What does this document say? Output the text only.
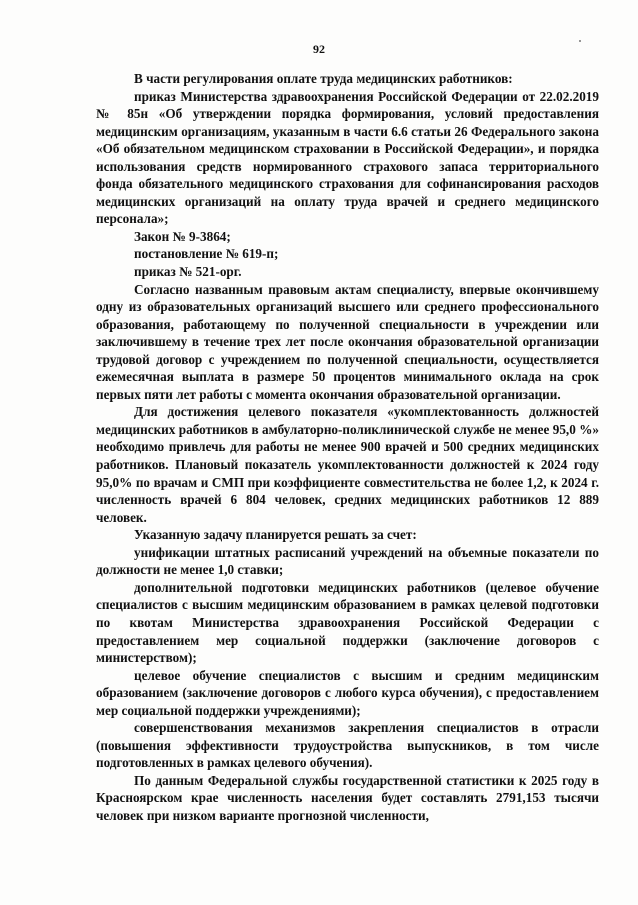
92

В части регулирования оплате труда медицинских работников:

приказ Министерства здравоохранения Российской Федерации от 22.02.2019 № 85н «Об утверждении порядка формирования, условий предоставления медицинским организациям, указанным в части 6.6 статьи 26 Федерального закона «Об обязательном медицинском страховании в Российской Федерации», и порядка использования средств нормированного страхового запаса территориального фонда обязательного медицинского страхования для софинансирования расходов медицинских организаций на оплату труда врачей и среднего медицинского персонала»;

Закон № 9-3864;

постановление № 619-п;

приказ № 521-орг.

Согласно названным правовым актам специалисту, впервые окончившему одну из образовательных организаций высшего или среднего профессионального образования, работающему по полученной специальности в учреждении или заключившему в течение трех лет после окончания образовательной организации трудовой договор с учреждением по полученной специальности, осуществляется ежемесячная выплата в размере 50 процентов минимального оклада на срок первых пяти лет работы с момента окончания образовательной организации.

Для достижения целевого показателя «укомплектованность должностей медицинских работников в амбулаторно-поликлинической службе не менее 95,0 %» необходимо привлечь для работы не менее 900 врачей и 500 средних медицинских работников. Плановый показатель укомплектованности должностей к 2024 году 95,0% по врачам и СМП при коэффициенте совместительства не более 1,2, к 2024 г. численность врачей 6 804 человек, средних медицинских работников 12 889 человек.

Указанную задачу планируется решать за счет:

унификации штатных расписаний учреждений на объемные показатели по должности не менее 1,0 ставки;

дополнительной подготовки медицинских работников (целевое обучение специалистов с высшим медицинским образованием в рамках целевой подготовки по квотам Министерства здравоохранения Российской Федерации с предоставлением мер социальной поддержки (заключение договоров с министерством);

целевое обучение специалистов с высшим и средним медицинским образованием (заключение договоров с любого курса обучения), с предоставлением мер социальной поддержки учреждениями);

совершенствования механизмов закрепления специалистов в отрасли (повышения эффективности трудоустройства выпускников, в том числе подготовленных в рамках целевого обучения).

По данным Федеральной службы государственной статистики к 2025 году в Красноярском крае численность населения будет составлять 2791,153 тысячи человек при низком варианте прогнозной численности,
